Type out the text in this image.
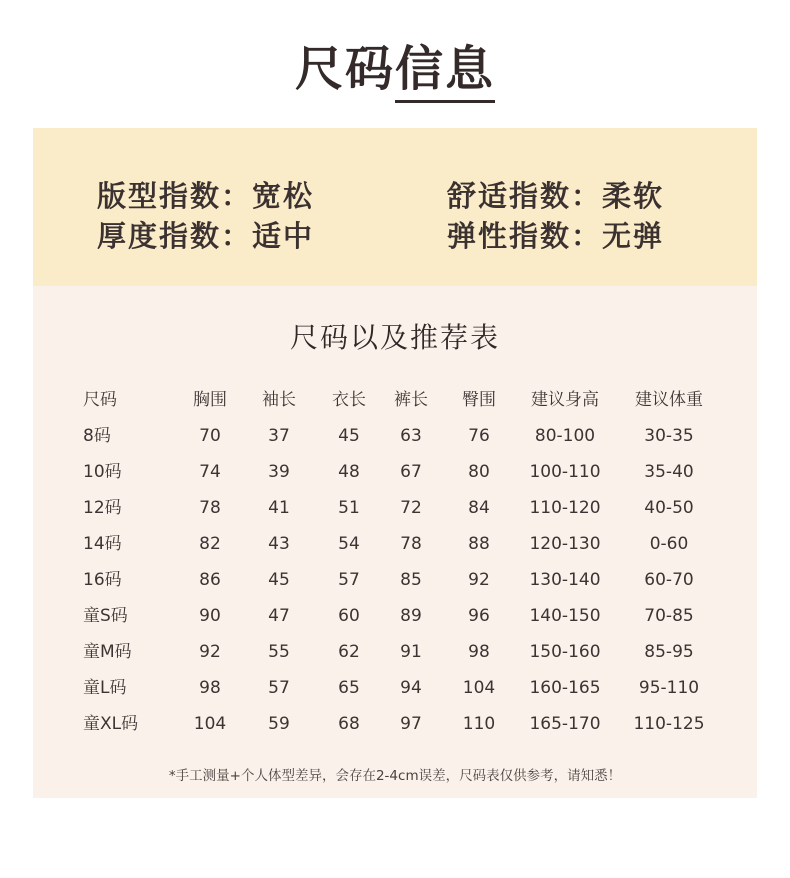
尺码信息
版型指数：宽松	舒适指数：柔软
厚度指数：适中	弹性指数：无弹
尺码以及推荐表
尺码	胸围 袖长 衣长 裤长 臀围 建议身高 建议体重
8码	70	37	45 63	76	80-100	30-35
10码	74	39	48 67	80 100-110	35-40
12码	78	41	51 72	84 110-120	40-50
14码	82	43	54 78	88 120-130	0-60
16码	86	45	57 85	92 130-140	60-70
童S码	90	47	60 89	96 140-150	70-85
童M码	92	55	62 91	98 150-160	85-95
童L码	98	57	65 94 104 160-165 95-110
童XL码	104 59	68 97 110 165-170 110-125
*手工测量+个人体型差异，会存在2-4cm误差，尺码表仅供参考，请知悉！
